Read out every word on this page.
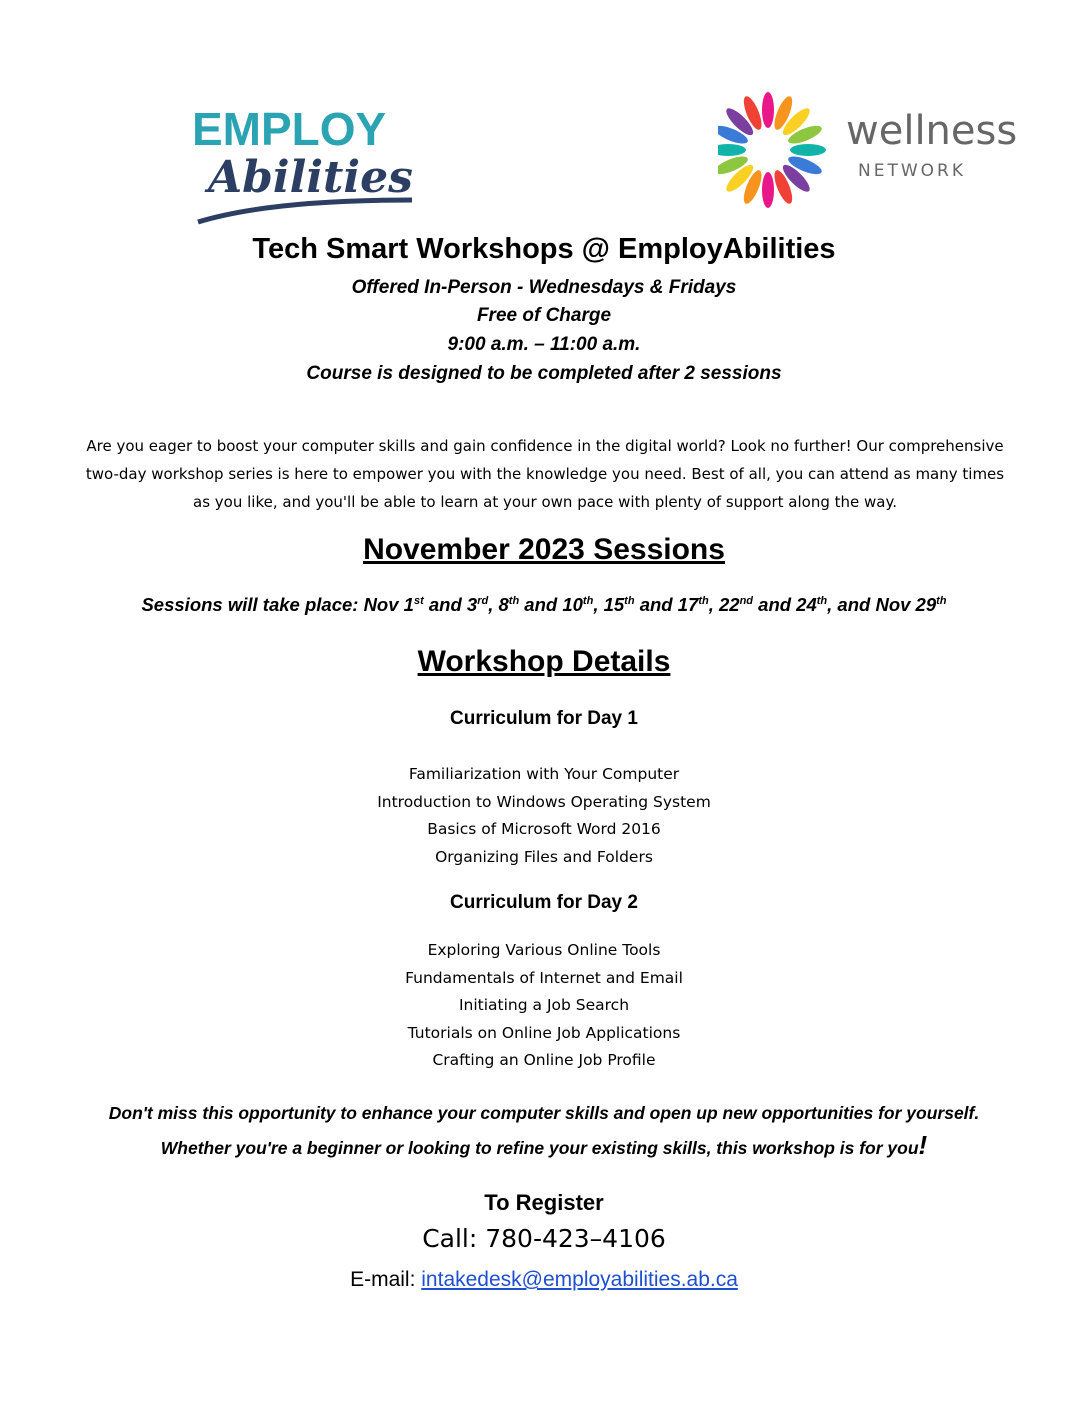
EMPLOY
Abilities
wellness
NETWORK
Tech Smart Workshops @ EmployAbilities
Offered In-Person - Wednesdays & Fridays
Free of Charge
9:00 a.m. – 11:00 a.m.
Course is designed to be completed after 2 sessions
Are you eager to boost your computer skills and gain confidence in the digital world? Look no further! Our comprehensive
two-day workshop series is here to empower you with the knowledge you need. Best of all, you can attend as many times
as you like, and you'll be able to learn at your own pace with plenty of support along the way.
November 2023 Sessions
Sessions will take place: Nov 1st and 3rd, 8th and 10th, 15th and 17th, 22nd and 24th, and Nov 29th
Workshop Details
Curriculum for Day 1
Familiarization with Your Computer
Introduction to Windows Operating System
Basics of Microsoft Word 2016
Organizing Files and Folders
Curriculum for Day 2
Exploring Various Online Tools
Fundamentals of Internet and Email
Initiating a Job Search
Tutorials on Online Job Applications
Crafting an Online Job Profile
Don't miss this opportunity to enhance your computer skills and open up new opportunities for yourself.
Whether you're a beginner or looking to refine your existing skills, this workshop is for you!
To Register
Call: 780-423–4106
E-mail: intakedesk@employabilities.ab.ca
